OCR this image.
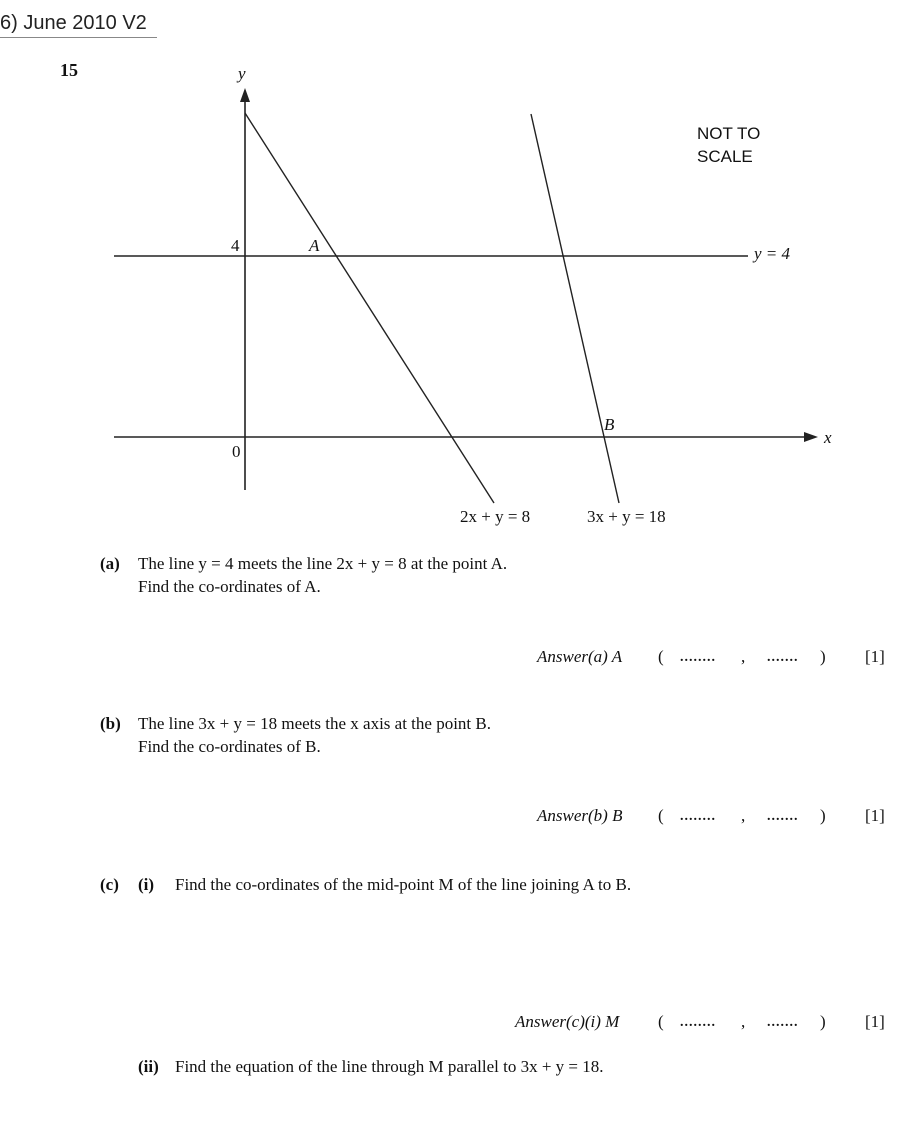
6) June 2010 V2
15	y
x
0
4
NOT TO
SCALE
y = 4
A
B
2x + y = 8	3x + y = 18
(a) The line y = 4 meets the line 2x + y = 8 at the point A.
Find the co-ordinates of A.
Answer(a) A ( ........ , ....... ) [1]
(b) The line 3x + y = 18 meets the x axis at the point B.
Find the co-ordinates of B.
Answer(b) B ( ........ , ....... ) [1]
(c) (i) Find the co-ordinates of the mid-point M of the line joining A to B.
Answer(c)(i) M ( ........ , ....... ) [1]
(ii) Find the equation of the line through M parallel to 3x + y = 18.
